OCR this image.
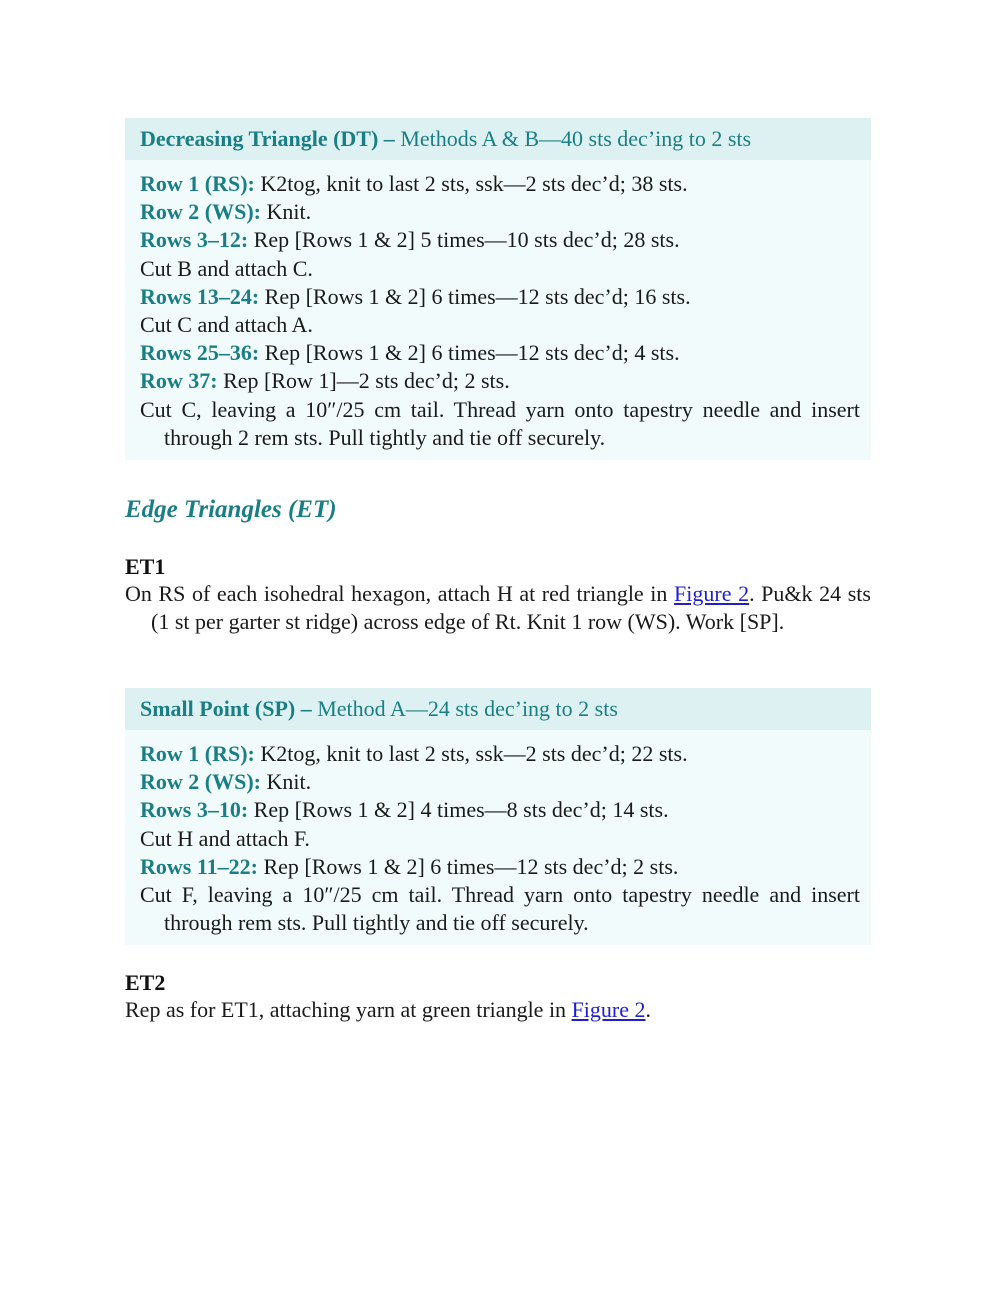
Decreasing Triangle (DT) – Methods A & B—40 sts dec’ing to 2 sts
Row 1 (RS): K2tog, knit to last 2 sts, ssk—2 sts dec’d; 38 sts.
Row 2 (WS): Knit.
Rows 3–12: Rep [Rows 1 & 2] 5 times—10 sts dec’d; 28 sts.
Cut B and attach C.
Rows 13–24: Rep [Rows 1 & 2] 6 times—12 sts dec’d; 16 sts.
Cut C and attach A.
Rows 25–36: Rep [Rows 1 & 2] 6 times—12 sts dec’d; 4 sts.
Row 37: Rep [Row 1]—2 sts dec’d; 2 sts.
Cut C, leaving a 10″/25 cm tail. Thread yarn onto tapestry needle and insert through 2 rem sts. Pull tightly and tie off securely.
Edge Triangles (ET)
ET1
On RS of each isohedral hexagon, attach H at red triangle in Figure 2. Pu&k 24 sts (1 st per garter st ridge) across edge of Rt. Knit 1 row (WS). Work [SP].
Small Point (SP) – Method A—24 sts dec’ing to 2 sts
Row 1 (RS): K2tog, knit to last 2 sts, ssk—2 sts dec’d; 22 sts.
Row 2 (WS): Knit.
Rows 3–10: Rep [Rows 1 & 2] 4 times—8 sts dec’d; 14 sts.
Cut H and attach F.
Rows 11–22: Rep [Rows 1 & 2] 6 times—12 sts dec’d; 2 sts.
Cut F, leaving a 10″/25 cm tail. Thread yarn onto tapestry needle and insert through rem sts. Pull tightly and tie off securely.
ET2
Rep as for ET1, attaching yarn at green triangle in Figure 2.
